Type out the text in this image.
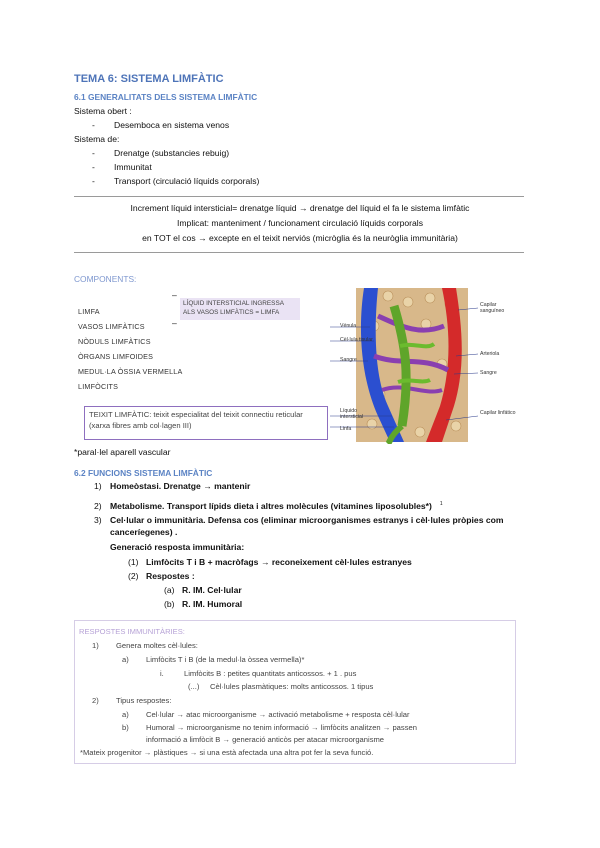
TEMA 6: SISTEMA LIMFÀTIC
6.1 GENERALITATS DELS SISTEMA LIMFÀTIC
Sistema obert :
- Desemboca en sistema venos
Sistema de:
- Drenatge (substancies rebuig)
- Immunitat
- Transport (circulació líquids corporals)
Increment líquid intersticial= drenatge líquid → drenatge del líquid el fa le sistema limfàtic
Implicat: manteniment / funcionament circulació líquids corporals
en TOT el cos → excepte en el teixit nerviós (micròglia és la neuròglia immunitària)
COMPONENTS:
LIMFA
VASOS LIMFÀTICS
NÒDULS LIMFÀTICS
ÒRGANS LIMFOIDES
MEDUL·LA ÒSSIA VERMELLA
LIMFÒCITS
–
–
LÍQUID INTERSTICIAL INGRESSA ALS VASOS LIMFÀTICS = LIMFA
TEIXIT LIMFÀTIC: teixit especialitat del teixit connectiu reticular (xarxa fibres amb col·lagen III)
Vénula
Cèl·lula tisular
Sangre
Líquido intersticial
Linfa
Capilar sanguíneo
Arteriola
Sangre
Capilar linfático
*paral·lel aparell vascular
6.2 FUNCIONS SISTEMA LIMFÀTIC
1) Homeòstasi. Drenatge → mantenir
2) Metabolisme. Transport lípids dieta i altres molècules (vitamines liposolubles*) $^1$
3) Cel·lular o immunitària. Defensa cos (eliminar microorganismes estranys i cèl·lules pròpies com
canceríegenes) .
Generació resposta immunitària:
(1) Limfòcits T i B + macròfags → reconeixement cèl·lules estranyes
(2) Respostes :
(a) R. IM. Cel·lular
(b) R. IM. Humoral
RESPOSTES IMMUNITÀRIES:
1) Genera moltes cèl·lules:
a) Limfòcits T i B (de la medul·la òssea vermella)*
i.	Limfòcits B : petites quantitats anticossos. + 1 . pus
(...) Cèl·lules plasmàtiques: molts anticossos. 1 tipus
2) Tipus respostes:
a) Cel·lular → atac microorganisme → activació metabolisme + resposta cèl·lular
b) Humoral → microorganisme no tenim informació → limfòcits analitzen → passen
informació a limfòcit B → generació anticòs per atacar microorganisme
*Mateix progenitor → plàstiques → si una està afectada una altra pot fer la seva funció.
